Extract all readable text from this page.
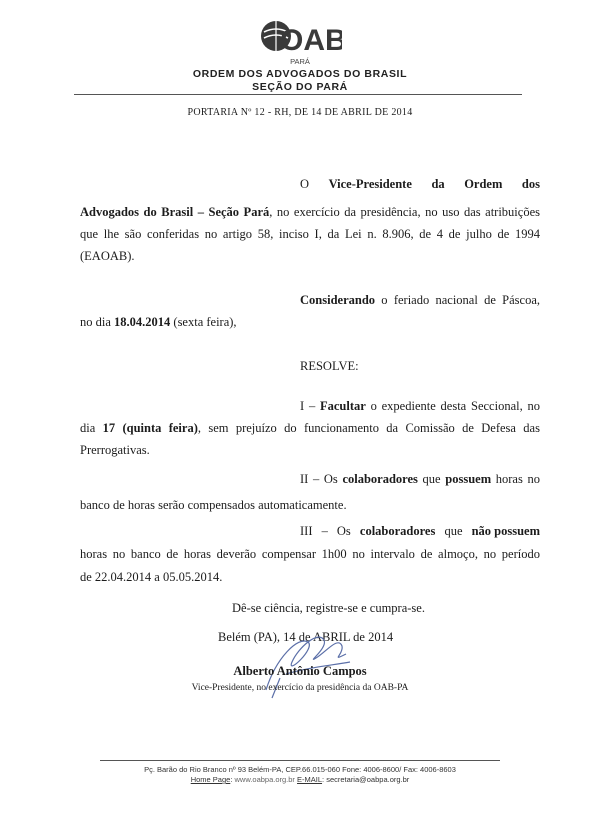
OAB
PARÁ
ORDEM DOS ADVOGADOS DO BRASIL
SEÇÃO DO PARÁ
PORTARIA Nº 12 - RH, DE 14 DE ABRIL DE 2014
O Vice-Presidente da Ordem dos
Advogados do Brasil – Seção Pará, no exercício da presidência, no uso das atribuições
que lhe são conferidas no artigo 58, inciso I, da Lei n. 8.906, de 4 de julho de 1994
(EAOAB).
Considerando o feriado nacional de Páscoa,
no dia 18.04.2014 (sexta feira),
RESOLVE:
I – Facultar o expediente desta Seccional, no
dia 17 (quinta feira), sem prejuízo do funcionamento da Comissão de Defesa das
Prerrogativas.
II – Os colaboradores que possuem horas no
banco de horas serão compensados automaticamente.
III – Os colaboradores que não possuem
horas no banco de horas deverão compensar 1h00 no intervalo de almoço, no período
de 22.04.2014 a 05.05.2014.
Dê-se ciência, registre-se e cumpra-se.
Belém (PA), 14 de ABRIL de 2014
Alberto Antônio Campos
Vice-Presidente, no exercício da presidência da OAB-PA
Pç. Barão do Rio Branco nº 93 Belém-PA, CEP.66.015-060 Fone: 4006-8600/ Fax: 4006-8603
Home Page: www.oabpa.org.br E-MAIL: secretaria@oabpa.org.br
